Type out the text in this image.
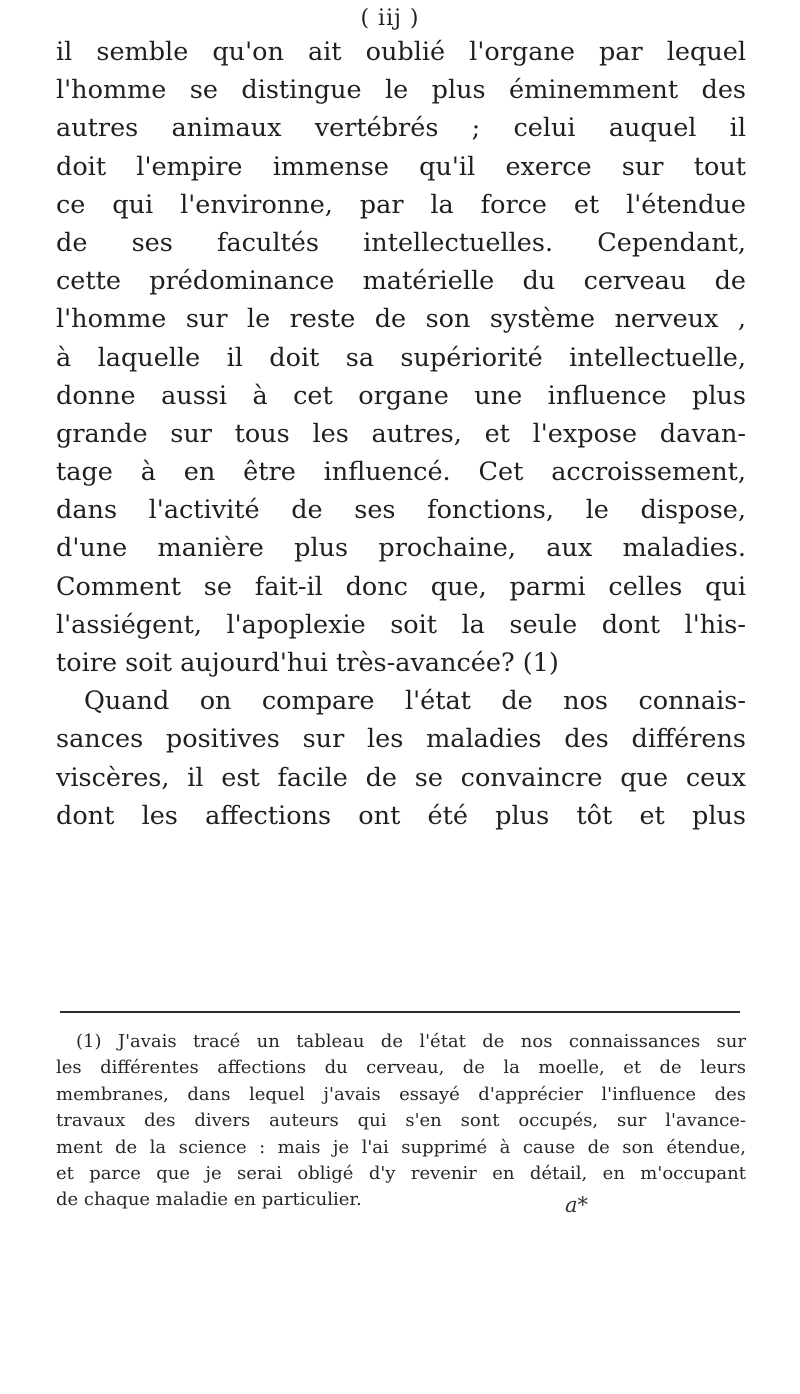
( iij )
il semble qu'on ait oublié l'organe par lequel
l'homme se distingue le plus éminemment des
autres animaux vertébrés ; celui auquel il
doit l'empire immense qu'il exerce sur tout
ce qui l'environne, par la force et l'étendue
de ses facultés intellectuelles. Cependant,
cette prédominance matérielle du cerveau de
l'homme sur le reste de son système nerveux ,
à laquelle il doit sa supériorité intellectuelle,
donne aussi à cet organe une influence plus
grande sur tous les autres, et l'expose davan-
tage à en être influencé. Cet accroissement,
dans l'activité de ses fonctions, le dispose,
d'une manière plus prochaine, aux maladies.
Comment se fait-il donc que, parmi celles qui
l'assiégent, l'apoplexie soit la seule dont l'his-
toire soit aujourd'hui très-avancée? (1)
Quand on compare l'état de nos connais-
sances positives sur les maladies des différens
viscères, il est facile de se convaincre que ceux
dont les affections ont été plus tôt et plus
(1) J'avais tracé un tableau de l'état de nos connaissances sur
les différentes affections du cerveau, de la moelle, et de leurs
membranes, dans lequel j'avais essayé d'apprécier l'influence des
travaux des divers auteurs qui s'en sont occupés, sur l'avance-
ment de la science : mais je l'ai supprimé à cause de son étendue,
et parce que je serai obligé d'y revenir en détail, en m'occupant
de chaque maladie en particulier.	a*
